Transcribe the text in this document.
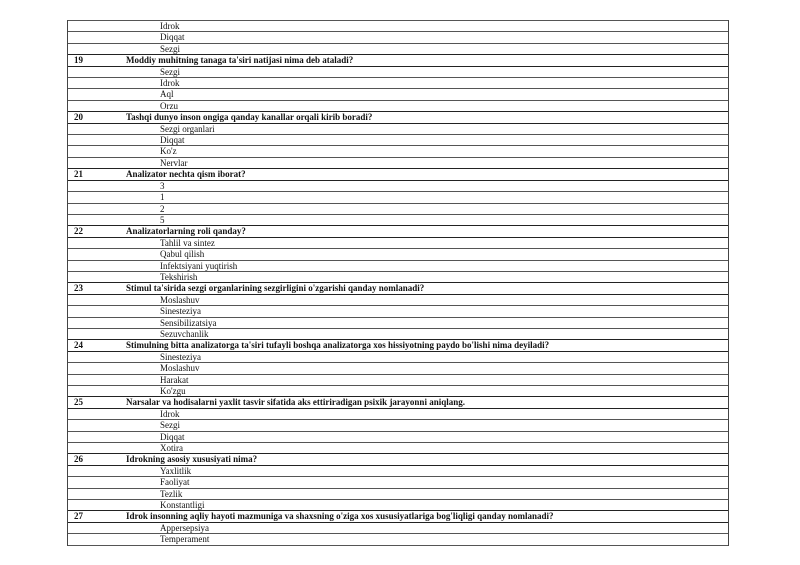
	Idrok
	Diqqat
	Sezgi
19	Moddiy muhitning tanaga ta'siri natijasi nima deb ataladi?
	Sezgi
	Idrok
	Aql
	Orzu
20	Tashqi dunyo inson ongiga qanday kanallar orqali kirib boradi?
	Sezgi organlari
	Diqqat
	Ko'z
	Nervlar
21	Analizator nechta qism iborat?
	3
	1
	2
	5
22	Analizatorlarning roli qanday?
	Tahlil va sintez
	Qabul qilish
	Infektsiyani yuqtirish
	Tekshirish
23	Stimul ta'sirida sezgi organlarining sezgirligini o'zgarishi qanday nomlanadi?
	Moslashuv
	Sinesteziya
	Sensibilizatsiya
	Sezuvchanlik
24	Stimulning bitta analizatorga ta'siri tufayli boshqa analizatorga xos hissiyotning paydo bo'lishi nima deyiladi?
	Sinesteziya
	Moslashuv
	Harakat
	Ko'zgu
25	Narsalar va hodisalarni yaxlit tasvir sifatida aks ettiriradigan psixik jarayonni aniqlang.
	Idrok
	Sezgi
	Diqqat
	Xotira
26	Idrokning asosiy xususiyati nima?
	Yaxlitlik
	Faoliyat
	Tezlik
	Konstantligi
27	Idrok insonning aqliy hayoti mazmuniga va shaxsning o'ziga xos xususiyatlariga bog'liqligi qanday nomlanadi?
	Appersepsiya
	Temperament
